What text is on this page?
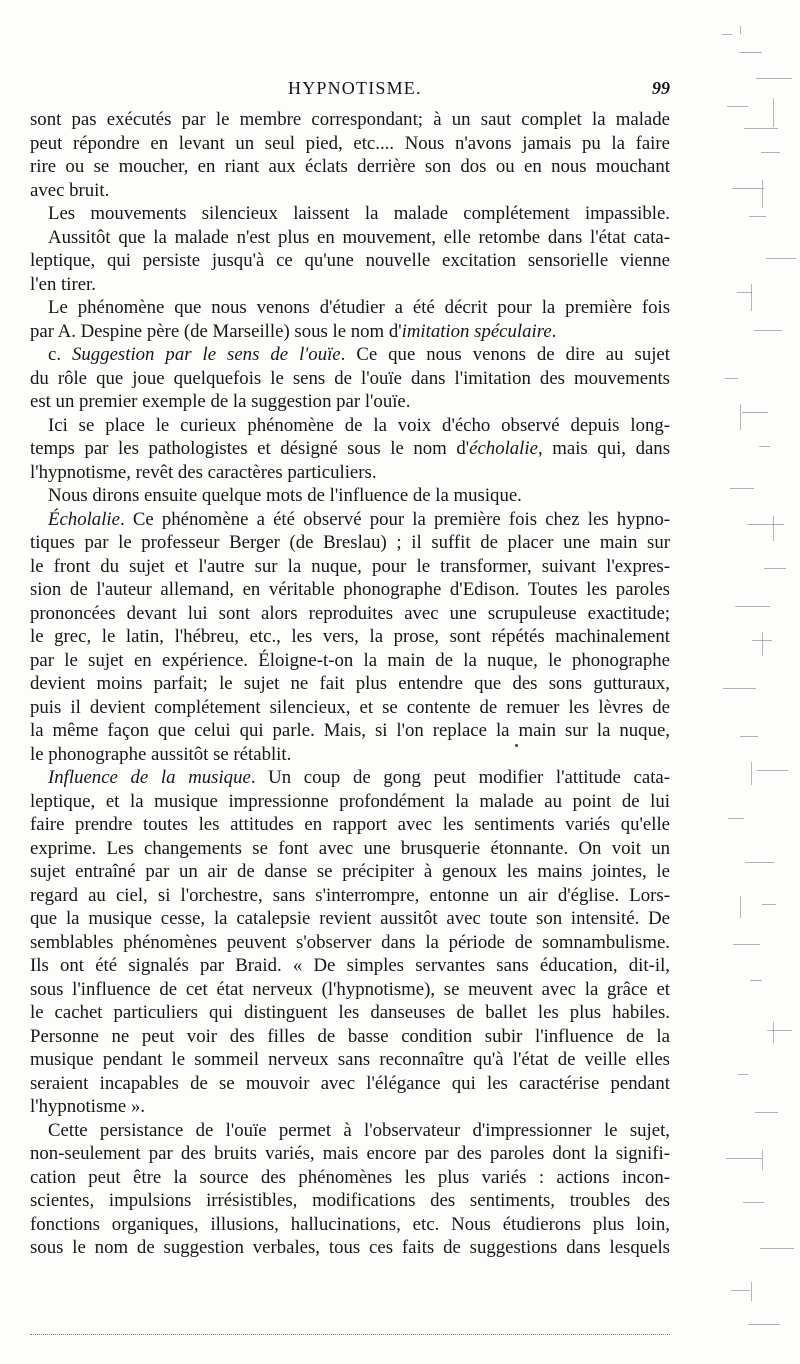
HYPNOTISME.	99
sont pas exécutés par le membre correspondant; à un saut complet la malade
peut répondre en levant un seul pied, etc.... Nous n'avons jamais pu la faire
rire ou se moucher, en riant aux éclats derrière son dos ou en nous mouchant
avec bruit.
Les mouvements silencieux laissent la malade complétement impassible.
Aussitôt que la malade n'est plus en mouvement, elle retombe dans l'état cata-
leptique, qui persiste jusqu'à ce qu'une nouvelle excitation sensorielle vienne
l'en tirer.
Le phénomène que nous venons d'étudier a été décrit pour la première fois
par A. Despine père (de Marseille) sous le nom d'imitation spéculaire.
c. Suggestion par le sens de l'ouïe. Ce que nous venons de dire au sujet
du rôle que joue quelquefois le sens de l'ouïe dans l'imitation des mouvements
est un premier exemple de la suggestion par l'ouïe.
Ici se place le curieux phénomène de la voix d'écho observé depuis long-
temps par les pathologistes et désigné sous le nom d'écholalie, mais qui, dans
l'hypnotisme, revêt des caractères particuliers.
Nous dirons ensuite quelque mots de l'influence de la musique.
Écholalie. Ce phénomène a été observé pour la première fois chez les hypno-
tiques par le professeur Berger (de Breslau) ; il suffit de placer une main sur
le front du sujet et l'autre sur la nuque, pour le transformer, suivant l'expres-
sion de l'auteur allemand, en véritable phonographe d'Edison. Toutes les paroles
prononcées devant lui sont alors reproduites avec une scrupuleuse exactitude;
le grec, le latin, l'hébreu, etc., les vers, la prose, sont répétés machinalement
par le sujet en expérience. Éloigne-t-on la main de la nuque, le phonographe
devient moins parfait; le sujet ne fait plus entendre que des sons gutturaux,
puis il devient complétement silencieux, et se contente de remuer les lèvres de
la même façon que celui qui parle. Mais, si l'on replace la main sur la nuque,
le phonographe aussitôt se rétablit.
Influence de la musique. Un coup de gong peut modifier l'attitude cata-
leptique, et la musique impressionne profondément la malade au point de lui
faire prendre toutes les attitudes en rapport avec les sentiments variés qu'elle
exprime. Les changements se font avec une brusquerie étonnante. On voit un
sujet entraîné par un air de danse se précipiter à genoux les mains jointes, le
regard au ciel, si l'orchestre, sans s'interrompre, entonne un air d'église. Lors-
que la musique cesse, la catalepsie revient aussitôt avec toute son intensité. De
semblables phénomènes peuvent s'observer dans la période de somnambulisme.
Ils ont été signalés par Braid. « De simples servantes sans éducation, dit-il,
sous l'influence de cet état nerveux (l'hypnotisme), se meuvent avec la grâce et
le cachet particuliers qui distinguent les danseuses de ballet les plus habiles.
Personne ne peut voir des filles de basse condition subir l'influence de la
musique pendant le sommeil nerveux sans reconnaître qu'à l'état de veille elles
seraient incapables de se mouvoir avec l'élégance qui les caractérise pendant
l'hypnotisme ».
Cette persistance de l'ouïe permet à l'observateur d'impressionner le sujet,
non-seulement par des bruits variés, mais encore par des paroles dont la signifi-
cation peut être la source des phénomènes les plus variés : actions incon-
scientes, impulsions irrésistibles, modifications des sentiments, troubles des
fonctions organiques, illusions, hallucinations, etc. Nous étudierons plus loin,
sous le nom de suggestion verbales, tous ces faits de suggestions dans lesquels
